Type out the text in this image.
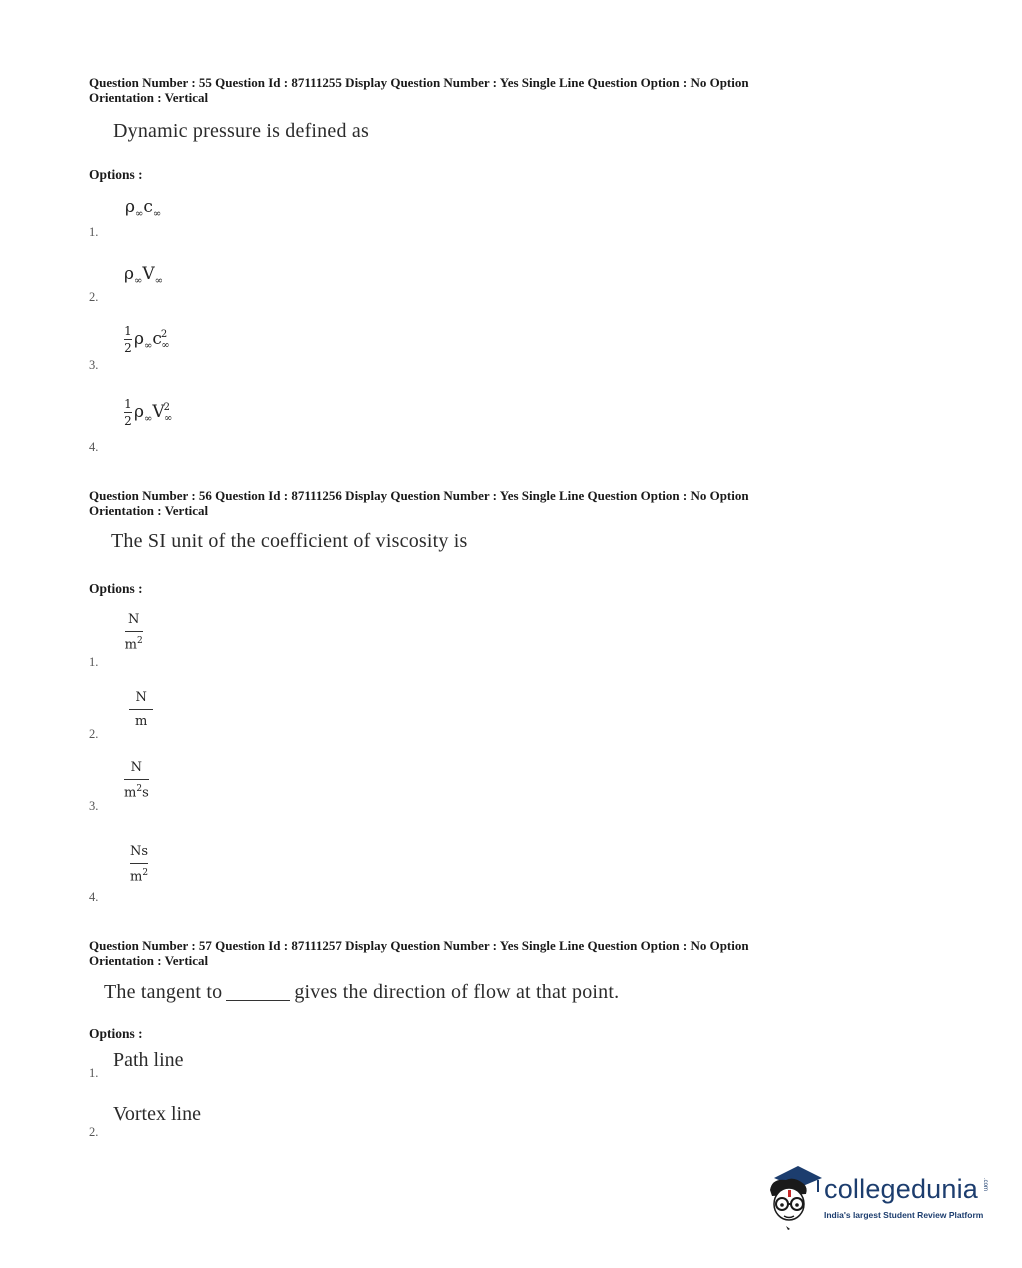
Question Number : 55 Question Id : 87111255 Display Question Number : Yes Single Line Question Option : No Option
Orientation : Vertical
Dynamic pressure is defined as
Options :
$\rho_\infty c_\infty$
1.
$\rho_\infty V_\infty$
2.
$\frac{1}{2} \rho_\infty c^2_\infty$
3.
$\frac{1}{2} \rho_\infty V^2_\infty$
4.
Question Number : 56 Question Id : 87111256 Display Question Number : Yes Single Line Question Option : No Option
Orientation : Vertical
The SI unit of the coefficient of viscosity is
Options :
$\frac{N}{m^2}$
1.
$\frac{N}{m}$
2.
$\frac{N}{m^2s}$
3.
$\frac{Ns}{m^2}$
4.
Question Number : 57 Question Id : 87111257 Display Question Number : Yes Single Line Question Option : No Option
Orientation : Vertical
The tangent to	gives the direction of flow at that point.
Options :
Path line
1.
Vortex line
2.
collegedunia .com
India's largest Student Review Platform
